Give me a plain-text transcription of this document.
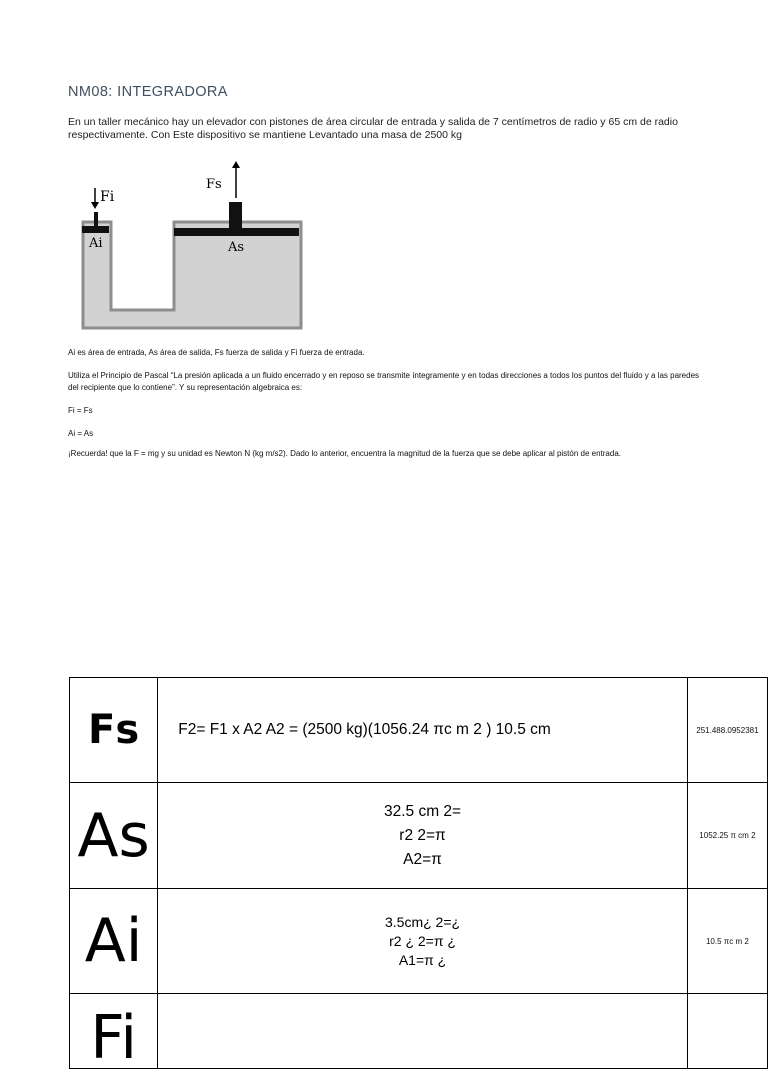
NM08: INTEGRADORA
En un taller mecánico hay un elevador con pistones de área circular de entrada y salida de 7 centímetros de radio y 65 cm de radio respectivamente. Con Este dispositivo se mantiene Levantado una masa de 2500 kg
Fi
Ai
Fs
As
Ai es área de entrada, As área de salida, Fs fuerza de salida y Fi fuerza de entrada.
Utiliza el Principio de Pascal “La presión aplicada a un fluido encerrado y en reposo se transmite íntegramente y en todas direcciones a todos los puntos del fluido y a las paredes del recipiente que lo contiene”. Y su representación algebraica es:
Fi = Fs
Ai = As
¡Recuerda! que la F = mg y su unidad es Newton N (kg m/s2). Dado lo anterior, encuentra la magnitud de la fuerza que se debe aplicar al pistón de entrada.
Fs	F2= F1 x A2 A2 = (2500 kg)(1056.24 πc m 2 ) 10.5 cm	251.488.0952381
As	32.5 cm 2=
r2 2=π
A2=π	1052.25 π cm 2
Ai	3.5cm¿ 2=¿
r2 ¿ 2=π ¿
A1=π ¿	10.5 πc m 2
Fi		
